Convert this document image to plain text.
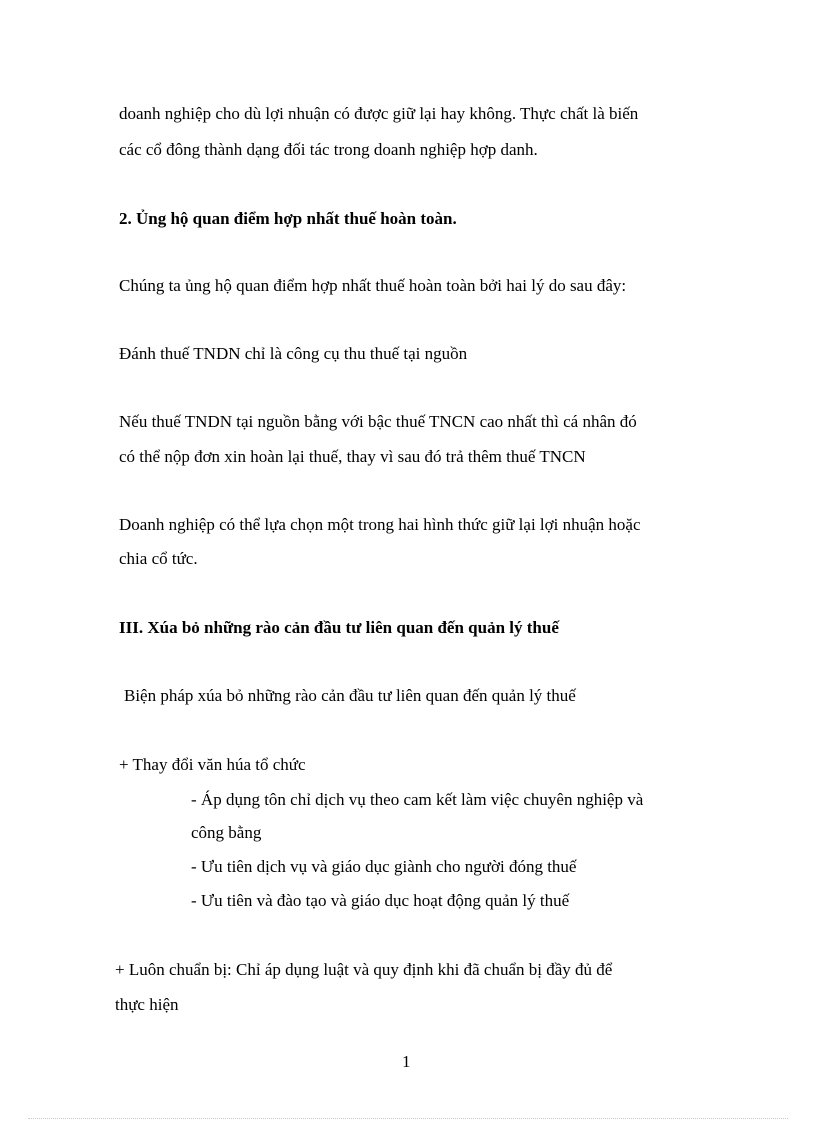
doanh nghiệp cho dù lợi nhuận có được giữ lại hay không. Thực chất là biến
các cổ đông thành dạng đối tác trong doanh nghiệp hợp danh.
2. Ủng hộ quan điểm hợp nhất thuế hoàn toàn.
Chúng ta ủng hộ quan điểm hợp nhất thuế hoàn toàn bởi hai lý do sau đây:
Đánh thuế TNDN chỉ là công cụ thu thuế tại nguồn
Nếu thuế TNDN tại nguồn bằng với bậc thuế TNCN cao nhất thì cá nhân đó
có thể nộp đơn xin hoàn lại thuế, thay vì sau đó trả thêm thuế TNCN
Doanh nghiệp có thể lựa chọn một trong hai hình thức giữ lại lợi nhuận hoặc
chia cổ tức.
III. Xúa bỏ những rào cản đầu tư liên quan đến quản lý thuế
Biện pháp xúa bỏ những rào cản đầu tư liên quan đến quản lý thuế
+ Thay đổi văn húa tổ chức
- Áp dụng tôn chỉ dịch vụ theo cam kết làm việc chuyên nghiệp và
công bằng
- Ưu tiên dịch vụ và giáo dục giành cho người đóng thuế
- Ưu tiên và đào tạo và giáo dục hoạt động quản lý thuế
+ Luôn chuẩn bị: Chỉ áp dụng luật và quy định khi đã chuẩn bị đầy đủ để
thực hiện
1
